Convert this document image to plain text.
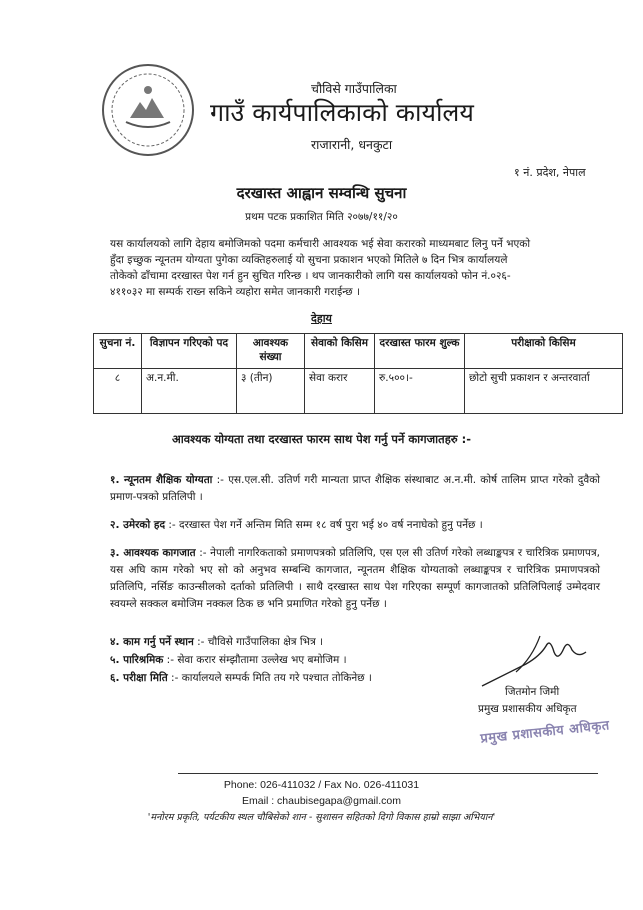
चौविसे गाउँपालिका
गाउँ कार्यपालिकाको कार्यालय
राजारानी, धनकुटा
१ नं. प्रदेश, नेपाल
दरखास्त आह्वान सम्वन्धि सुचना
प्रथम पटक प्रकाशित मिति २०७७/११/२०
यस कार्यालयको लागि देहाय बमोजिमको पदमा कर्मचारी आवश्यक भई सेवा करारको माध्यमबाट लिनु पर्ने भएको
हुँदा इच्छुक न्यूनतम योग्यता पुगेका व्यक्तिहरुलाई यो सुचना प्रकाशन भएको मितिले ७ दिन भित्र कार्यालयले
तोकेको ढाँचामा दरखास्त पेश गर्न हुन सुचित गरिन्छ । थप जानकारीको लागि यस कार्यालयको फोन नं.०२६-
४११०३२ मा सम्पर्क राख्न सकिने व्यहोरा समेत जानकारी गराईन्छ ।
देहाय
सुचना नं.	विज्ञापन गरिएको पद	आवश्यक संख्या	सेवाको किसिम	दरखास्त फारम शुल्क	परीक्षाको किसिम
८	अ.न.मी.	३ (तीन)	सेवा करार	रु.५००।-	छोटो सुची प्रकाशन र अन्तरवार्ता
आवश्यक योग्यता तथा दरखास्त फारम साथ पेश गर्नु पर्ने कागजातहरु :-
१. न्यूनतम शैक्षिक योग्यता :- एस.एल.सी. उतिर्ण गरी मान्यता प्राप्त शैक्षिक संस्थाबाट अ.न.मी. कोर्ष तालिम प्राप्त गरेको दुवैको प्रमाण-पत्रको प्रतिलिपी ।
२. उमेरको हद :- दरखास्त पेश गर्ने अन्तिम मिति सम्म १८ वर्ष पुरा भई ४० वर्ष ननाघेको हुनु पर्नेछ ।
३. आवश्यक कागजात :- नेपाली नागरिकताको प्रमाणपत्रको प्रतिलिपि, एस एल सी उतिर्ण गरेको लब्धाङ्कपत्र र चारित्रिक प्रमाणपत्र, यस अघि काम गरेको भए सो को अनुभव सम्बन्धि कागजात, न्यूनतम शैक्षिक योग्यताको लब्धाङ्कपत्र र चारित्रिक प्रमाणपत्रको प्रतिलिपि, नर्सिङ काउन्सीलको दर्ताको प्रतिलिपी । साथै दरखास्त साथ पेश गरिएका सम्पूर्ण कागजातको प्रतिलिपिलाई उम्मेदवार स्वयम्ले सक्कल बमोजिम नक्कल ठिक छ भनि प्रमाणित गरेको हुनु पर्नेछ ।
४. काम गर्नु पर्ने स्थान :- चौविसे गाउँपालिका क्षेत्र भित्र ।
५. पारिश्रमिक :- सेवा करार संम्झौतामा उल्लेख भए बमोजिम ।
६. परीक्षा मिति :- कार्यालयले सम्पर्क मिति तय गरे पश्चात तोकिनेछ ।
जितमोन जिमी
प्रमुख प्रशासकीय अधिकृत
प्रमुख प्रशासकीय अधिकृत
Phone: 026-411032 / Fax No. 026-411031
Email : chaubisegapa@gmail.com
'मनोरम प्रकृति, पर्यटकीय स्थल चौबिसेको शान - सुशासन सहितको दिगो विकास हाम्रो साझा अभियान'
